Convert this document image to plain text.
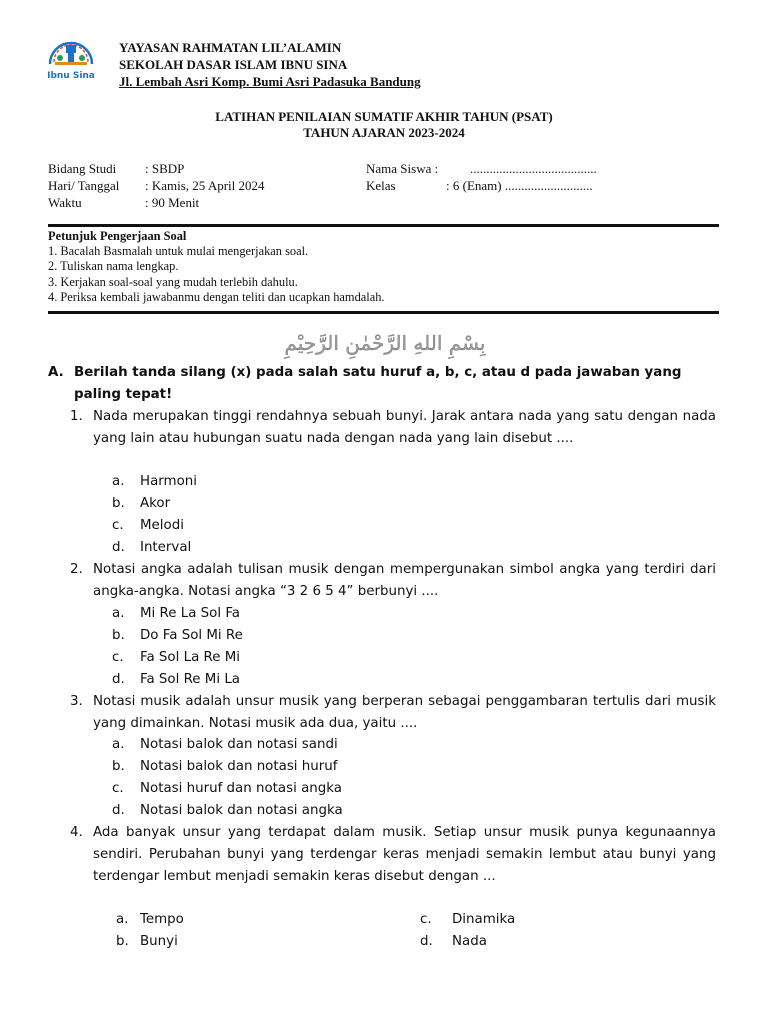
Ibnu Sina
YAYASAN RAHMATAN LIL’ALAMIN
SEKOLAH DASAR ISLAM IBNU SINA
Jl. Lembah Asri Komp. Bumi Asri Padasuka Bandung
LATIHAN PENILAIAN SUMATIF AKHIR TAHUN (PSAT)
TAHUN AJARAN 2023-2024
Bidang Studi : SBDP
Hari/ Tanggal : Kamis, 25 April 2024
Waktu	: 90 Menit
Nama Siswa : .......................................
Kelas	: 6 (Enam) ...........................
Petunjuk Pengerjaan Soal
1. Bacalah Basmalah untuk mulai mengerjakan soal.
2. Tuliskan nama lengkap.
3. Kerjakan soal-soal yang mudah terlebih dahulu.
4. Periksa kembali jawabanmu dengan teliti dan ucapkan hamdalah.
بِسْمِ اللهِ الرَّحْمٰنِ الرَّحِيْمِ
A. Berilah tanda silang (x) pada salah satu huruf a, b, c, atau d pada jawaban yang paling tepat!
1. Nada merupakan tinggi rendahnya sebuah bunyi. Jarak antara nada yang satu dengan nada yang lain atau hubungan suatu nada dengan nada yang lain disebut ....
a. Harmoni
b. Akor
c. Melodi
d. Interval
2. Notasi angka adalah tulisan musik dengan mempergunakan simbol angka yang terdiri dari angka-angka. Notasi angka “3 2 6 5 4” berbunyi ....
a. Mi Re La Sol Fa
b. Do Fa Sol Mi Re
c. Fa Sol La Re Mi
d. Fa Sol Re Mi La
3. Notasi musik adalah unsur musik yang berperan sebagai penggambaran tertulis dari musik yang dimainkan. Notasi musik ada dua, yaitu ....
a. Notasi balok dan notasi sandi
b. Notasi balok dan notasi huruf
c. Notasi huruf dan notasi angka
d. Notasi balok dan notasi angka
4. Ada banyak unsur yang terdapat dalam musik. Setiap unsur musik punya kegunaannya sendiri. Perubahan bunyi yang terdengar keras menjadi semakin lembut atau bunyi yang terdengar lembut menjadi semakin keras disebut dengan ...
a. Tempo
b. Bunyi
c. Dinamika
d. Nada
